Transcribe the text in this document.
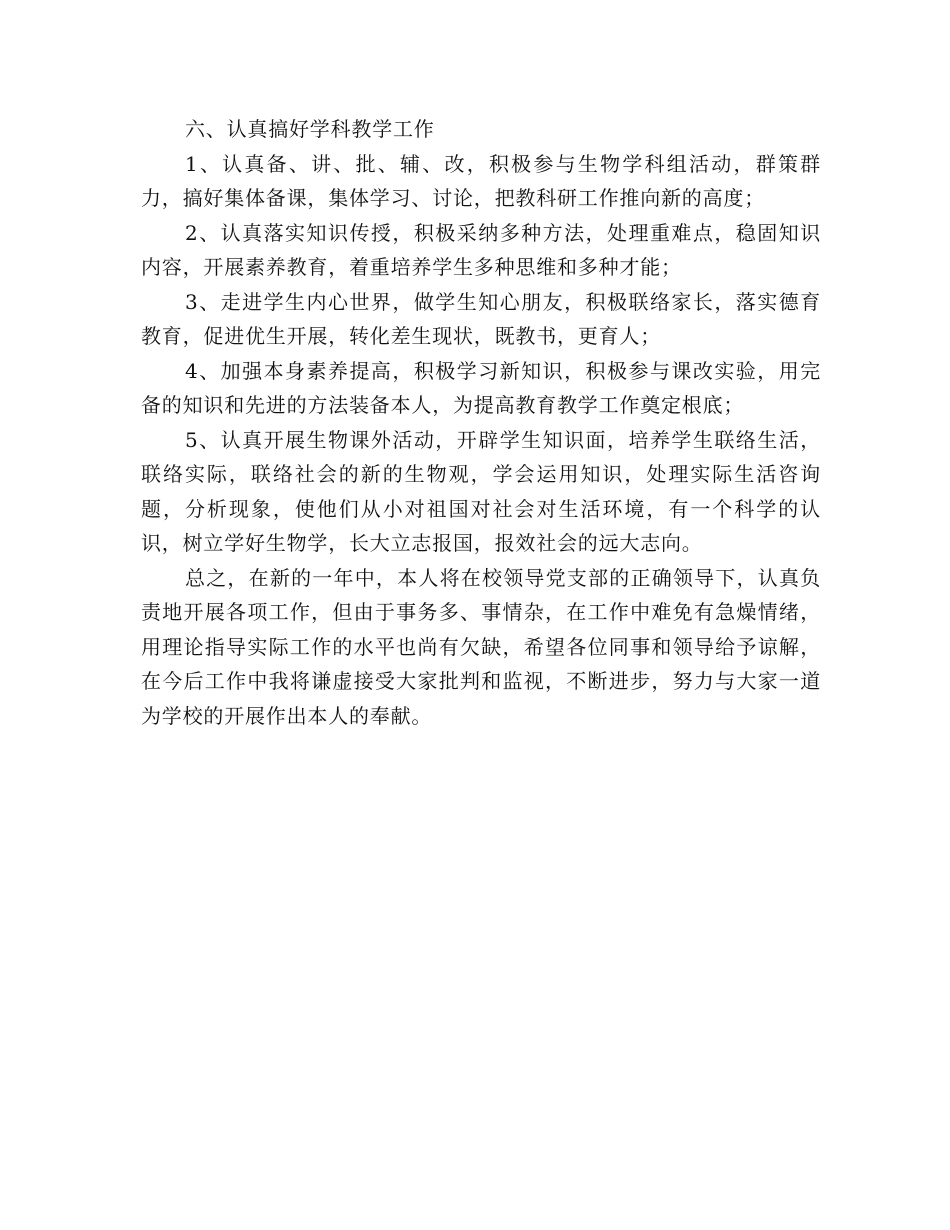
六、认真搞好学科教学工作

1、认真备、讲、批、辅、改，积极参与生物学科组活动，群策群力，搞好集体备课，集体学习、讨论，把教科研工作推向新的高度；

2、认真落实知识传授，积极采纳多种方法，处理重难点，稳固知识内容，开展素养教育，着重培养学生多种思维和多种才能；

3、走进学生内心世界，做学生知心朋友，积极联络家长，落实德育教育，促进优生开展，转化差生现状，既教书，更育人；

4、加强本身素养提高，积极学习新知识，积极参与课改实验，用完备的知识和先进的方法装备本人，为提高教育教学工作奠定根底；

5、认真开展生物课外活动，开辟学生知识面，培养学生联络生活，联络实际，联络社会的新的生物观，学会运用知识，处理实际生活咨询题，分析现象，使他们从小对祖国对社会对生活环境，有一个科学的认识，树立学好生物学，长大立志报国，报效社会的远大志向。

总之，在新的一年中，本人将在校领导党支部的正确领导下，认真负责地开展各项工作，但由于事务多、事情杂，在工作中难免有急燥情绪，用理论指导实际工作的水平也尚有欠缺，希望各位同事和领导给予谅解，在今后工作中我将谦虚接受大家批判和监视，不断进步，努力与大家一道为学校的开展作出本人的奉献。
